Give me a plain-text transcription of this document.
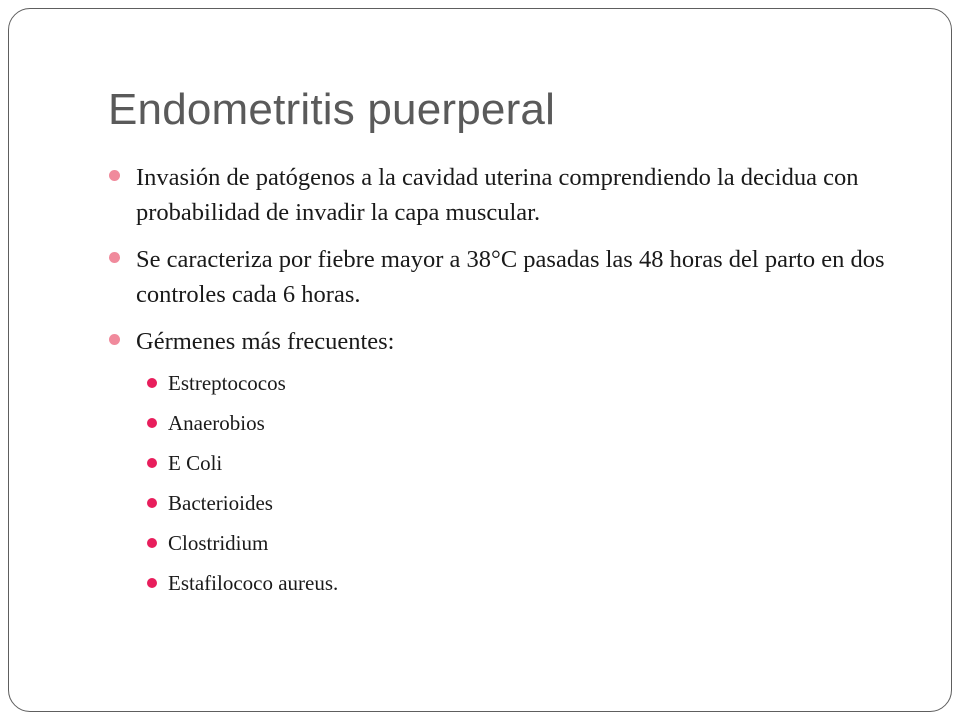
Endometritis puerperal
Invasión de patógenos a la cavidad uterina comprendiendo la decidua con probabilidad de invadir la capa muscular.
Se caracteriza por fiebre mayor a 38°C pasadas las 48 horas del parto en dos controles cada 6 horas.
Gérmenes más frecuentes:
Estreptococos
Anaerobios
E Coli
Bacterioides
Clostridium
Estafilococo aureus.
